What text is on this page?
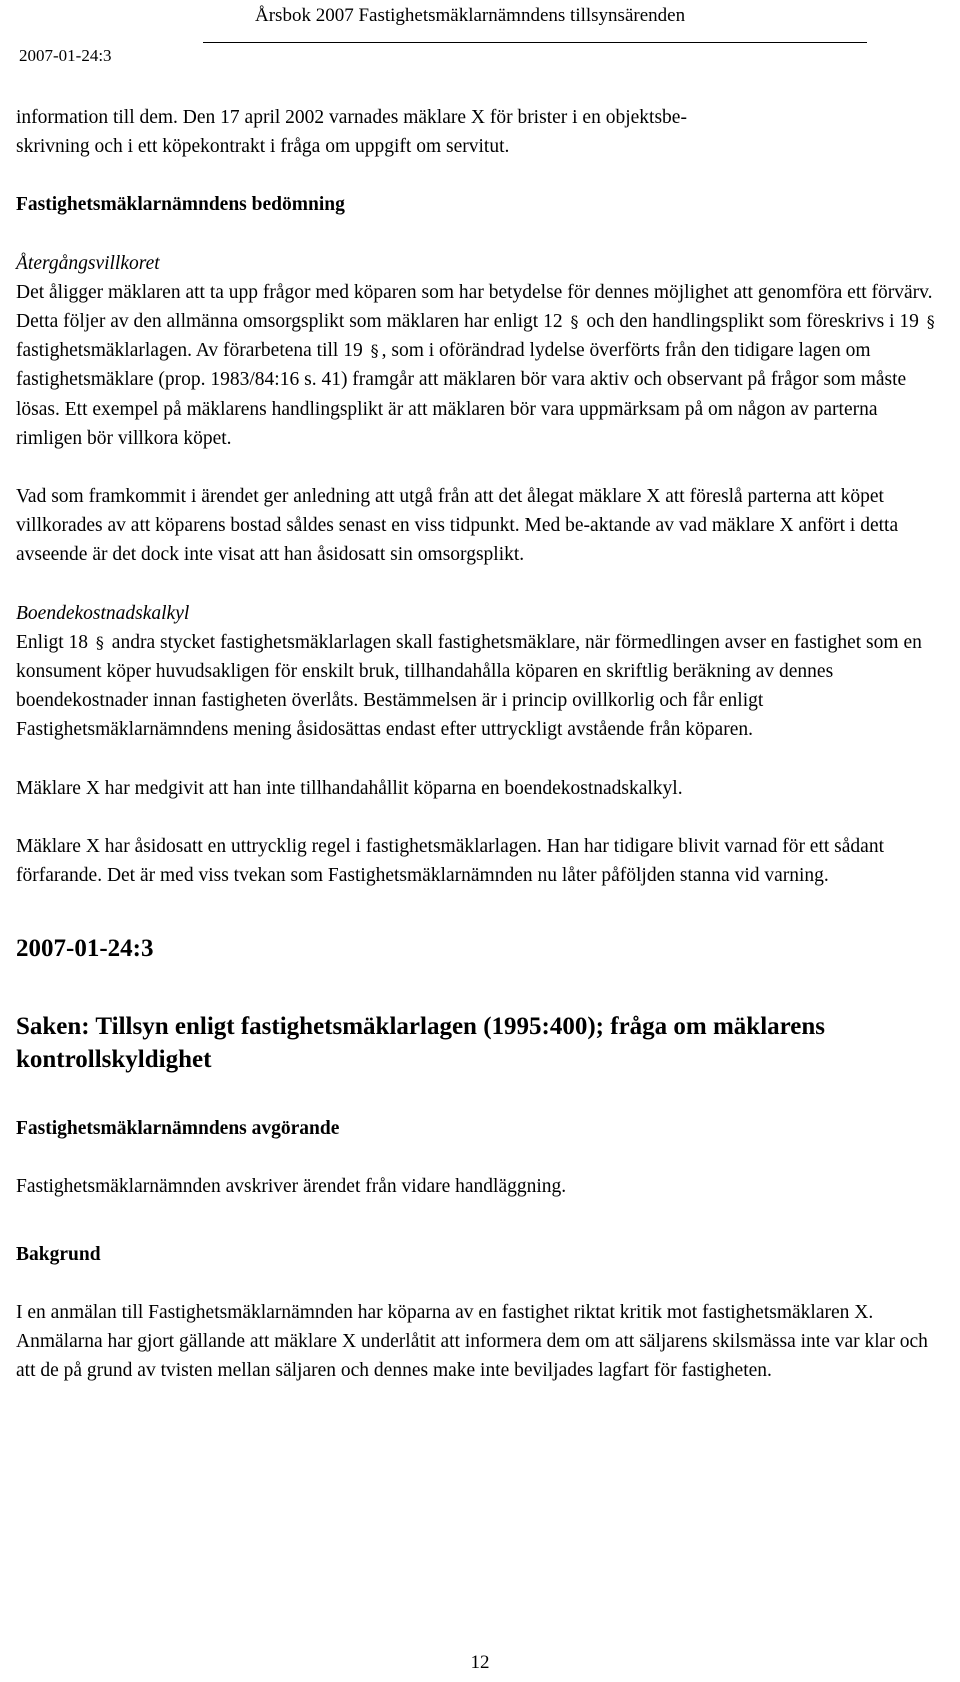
Årsbok 2007 Fastighetsmäklarnämndens tillsynsärenden
2007-01-24:3

information till dem. Den 17 april 2002 varnades mäklare X för brister i en objektsbe-
skrivning och i ett köpekontrakt i fråga om uppgift om servitut.

Fastighetsmäklarnämndens bedömning

Återgångsvillkoret

Det åligger mäklaren att ta upp frågor med köparen som har betydelse för dennes möjlighet att genomföra ett förvärv. Detta följer av den allmänna omsorgsplikt som mäklaren har enligt 12 § och den handlingsplikt som föreskrivs i 19 § fastighetsmäklarlagen. Av förarbetena till 19 § , som i oförändrad lydelse överförts från den tidigare lagen om fastighetsmäklare (prop. 1983/84:16 s. 41) framgår att mäklaren bör vara aktiv och observant på frågor som måste lösas. Ett exempel på mäklarens handlingsplikt är att mäklaren bör vara uppmärksam på om någon av parterna rimligen bör villkora köpet.

Vad som framkommit i ärendet ger anledning att utgå från att det ålegat mäklare X att föreslå parterna att köpet villkorades av att köparens bostad såldes senast en viss tidpunkt. Med be-aktande av vad mäklare X anfört i detta avseende är det dock inte visat att han åsidosatt sin omsorgsplikt.

Boendekostnadskalkyl

Enligt 18 § andra stycket fastighetsmäklarlagen skall fastighetsmäklare, när förmedlingen avser en fastighet som en konsument köper huvudsakligen för enskilt bruk, tillhandahålla köparen en skriftlig beräkning av dennes boendekostnader innan fastigheten överlåts. Bestämmelsen är i princip ovillkorlig och får enligt Fastighetsmäklarnämndens mening åsidosättas endast efter uttryckligt avstående från köparen.

Mäklare X har medgivit att han inte tillhandahållit köparna en boendekostnadskalkyl.

Mäklare X har åsidosatt en uttrycklig regel i fastighetsmäklarlagen. Han har tidigare blivit varnad för ett sådant förfarande. Det är med viss tvekan som Fastighetsmäklarnämnden nu låter påföljden stanna vid varning.

2007-01-24:3

Saken: Tillsyn enligt fastighetsmäklarlagen (1995:400); fråga om mäklarens kontrollskyldighet

Fastighetsmäklarnämndens avgörande

Fastighetsmäklarnämnden avskriver ärendet från vidare handläggning.

Bakgrund

I en anmälan till Fastighetsmäklarnämnden har köparna av en fastighet riktat kritik mot fastighetsmäklaren X. Anmälarna har gjort gällande att mäklare X underlåtit att informera dem om att säljarens skilsmässa inte var klar och att de på grund av tvisten mellan säljaren och dennes make inte beviljades lagfart för fastigheten.

12
